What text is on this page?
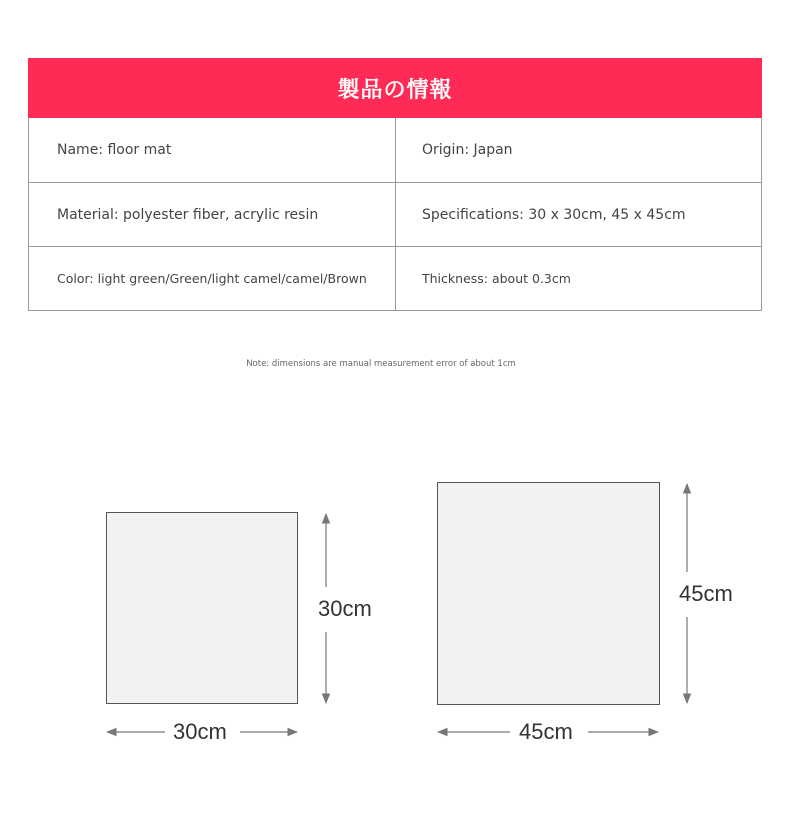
製品の情報
Name: floor mat	Origin: Japan
Material: polyester fiber, acrylic resin	Specifications: 30 x 30cm, 45 x 45cm
Color: light green/Green/light camel/camel/Brown	Thickness: about 0.3cm
Note: dimensions are manual measurement error of about 1cm
30cm
30cm
45cm
45cm
